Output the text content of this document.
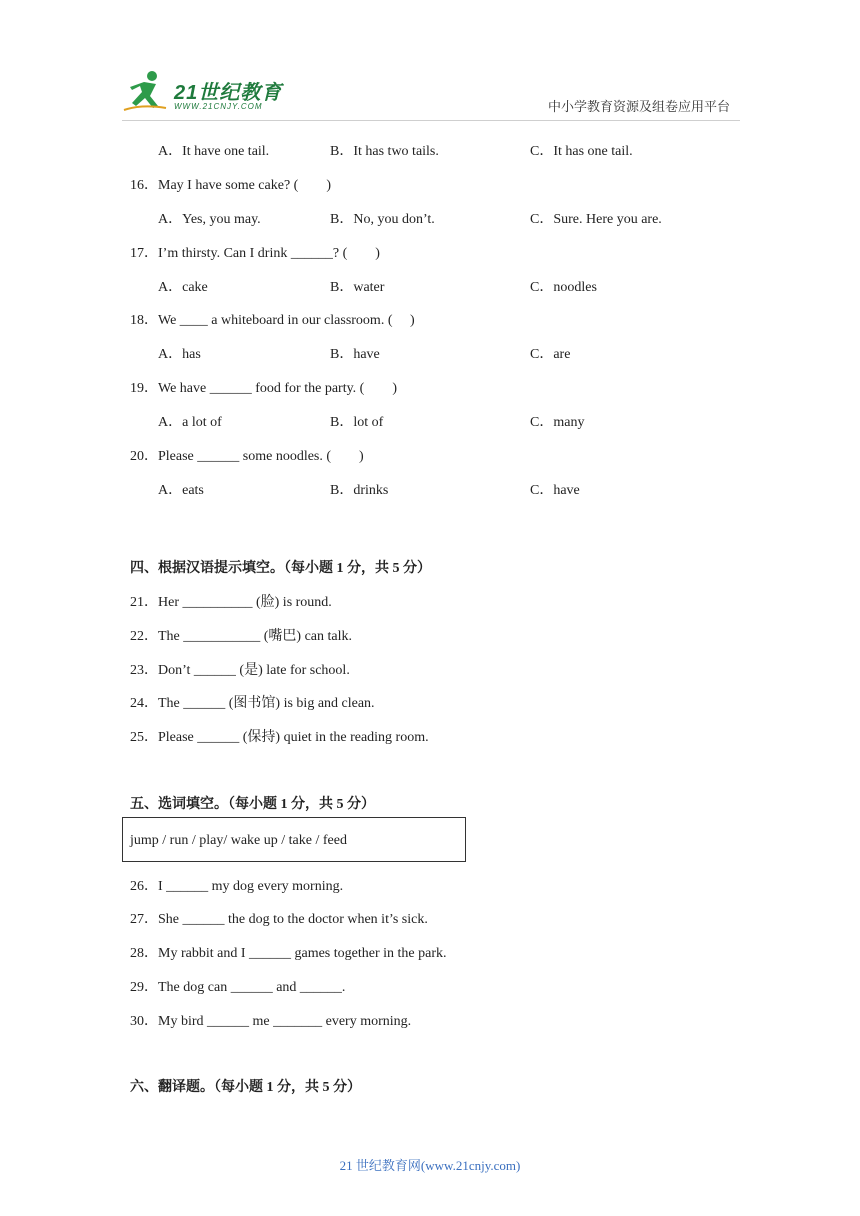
21世纪教育
WWW.21CNJY.COM	中小学教育资源及组卷应用平台
A．It have one tail.	B．It has two tails.	C．It has one tail.
16．May I have some cake? (　　)
A．Yes, you may.	B．No, you don’t.	C．Sure. Here you are.
17．I’m thirsty. Can I drink ______? (　　)
A．cake	B．water	C．noodles
18．We ____ a whiteboard in our classroom. (　 )
A．has	B．have	C．are
19．We have ______ food for the party. (　　)
A．a lot of	B．lot of	C．many
20．Please ______ some noodles. (　　)
A．eats	B．drinks	C．have
四、根据汉语提示填空。（每小题 1 分，共 5 分）
21．Her __________ (脸) is round.
22．The ___________ (嘴巴) can talk.
23．Don’t ______ (是) late for school.
24．The ______ (图书馆) is big and clean.
25．Please ______ (保持) quiet in the reading room.
五、选词填空。（每小题 1 分，共 5 分）
jump / run / play/ wake up / take / feed
26．I ______ my dog every morning.
27．She ______ the dog to the doctor when it’s sick.
28．My rabbit and I ______ games together in the park.
29．The dog can ______ and ______.
30．My bird ______ me _______ every morning.
六、翻译题。（每小题 1 分，共 5 分）
21 世纪教育网(www.21cnjy.com)
